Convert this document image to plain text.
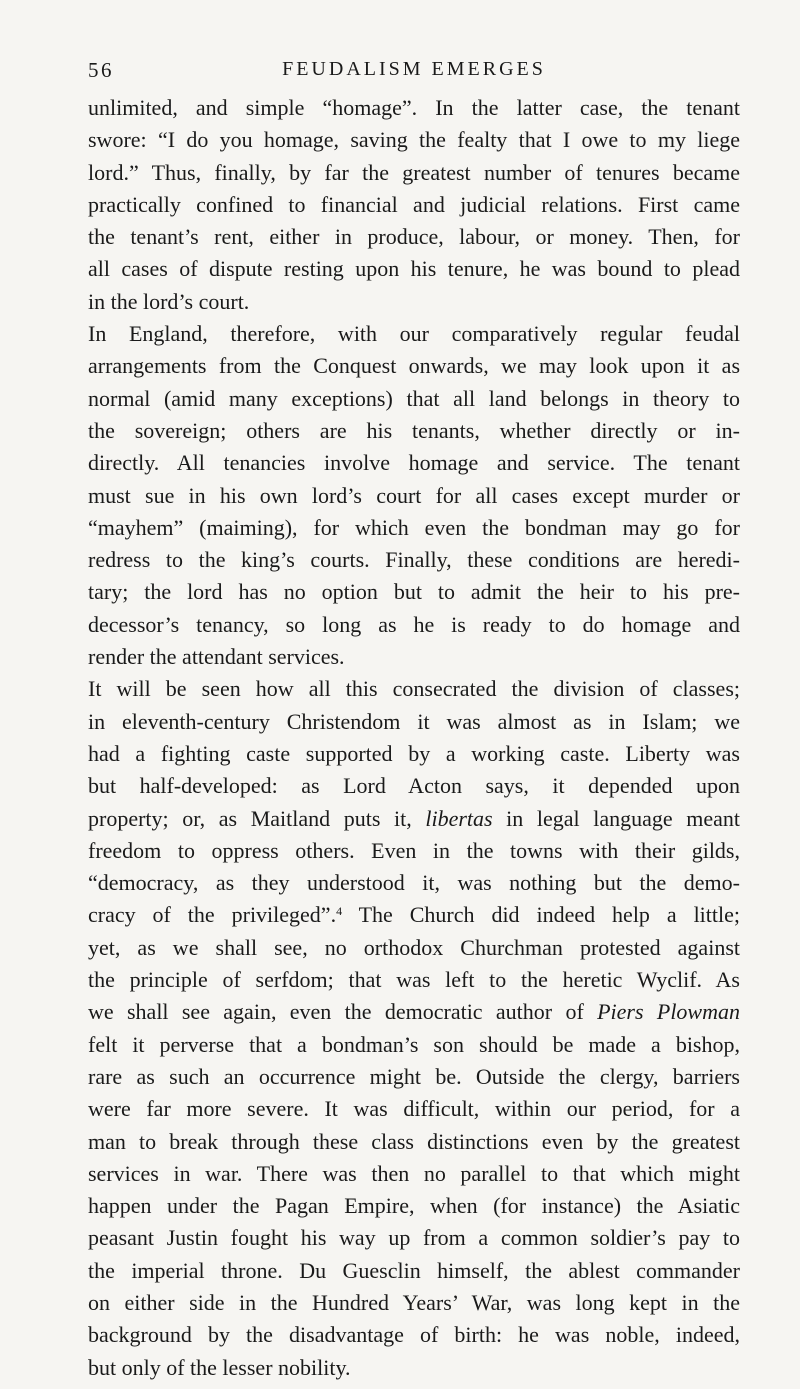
56	FEUDALISM EMERGES
unlimited, and simple “homage”. In the latter case, the tenant
swore: “I do you homage, saving the fealty that I owe to my liege
lord.” Thus, finally, by far the greatest number of tenures became
practically confined to financial and judicial relations. First came
the tenant’s rent, either in produce, labour, or money. Then, for
all cases of dispute resting upon his tenure, he was bound to plead
in the lord’s court.
In England, therefore, with our comparatively regular feudal
arrangements from the Conquest onwards, we may look upon it as
normal (amid many exceptions) that all land belongs in theory to
the sovereign; others are his tenants, whether directly or in-
directly. All tenancies involve homage and service. The tenant
must sue in his own lord’s court for all cases except murder or
“mayhem” (maiming), for which even the bondman may go for
redress to the king’s courts. Finally, these conditions are heredi-
tary; the lord has no option but to admit the heir to his pre-
decessor’s tenancy, so long as he is ready to do homage and
render the attendant services.
It will be seen how all this consecrated the division of classes;
in eleventh-century Christendom it was almost as in Islam; we
had a fighting caste supported by a working caste. Liberty was
but half-developed: as Lord Acton says, it depended upon
property; or, as Maitland puts it, libertas in legal language meant
freedom to oppress others. Even in the towns with their gilds,
“democracy, as they understood it, was nothing but the demo-
cracy of the privileged”.$^4$ The Church did indeed help a little;
yet, as we shall see, no orthodox Churchman protested against
the principle of serfdom; that was left to the heretic Wyclif. As
we shall see again, even the democratic author of Piers Plowman
felt it perverse that a bondman’s son should be made a bishop,
rare as such an occurrence might be. Outside the clergy, barriers
were far more severe. It was difficult, within our period, for a
man to break through these class distinctions even by the greatest
services in war. There was then no parallel to that which might
happen under the Pagan Empire, when (for instance) the Asiatic
peasant Justin fought his way up from a common soldier’s pay to
the imperial throne. Du Guesclin himself, the ablest commander
on either side in the Hundred Years’ War, was long kept in the
background by the disadvantage of birth: he was noble, indeed,
but only of the lesser nobility.
